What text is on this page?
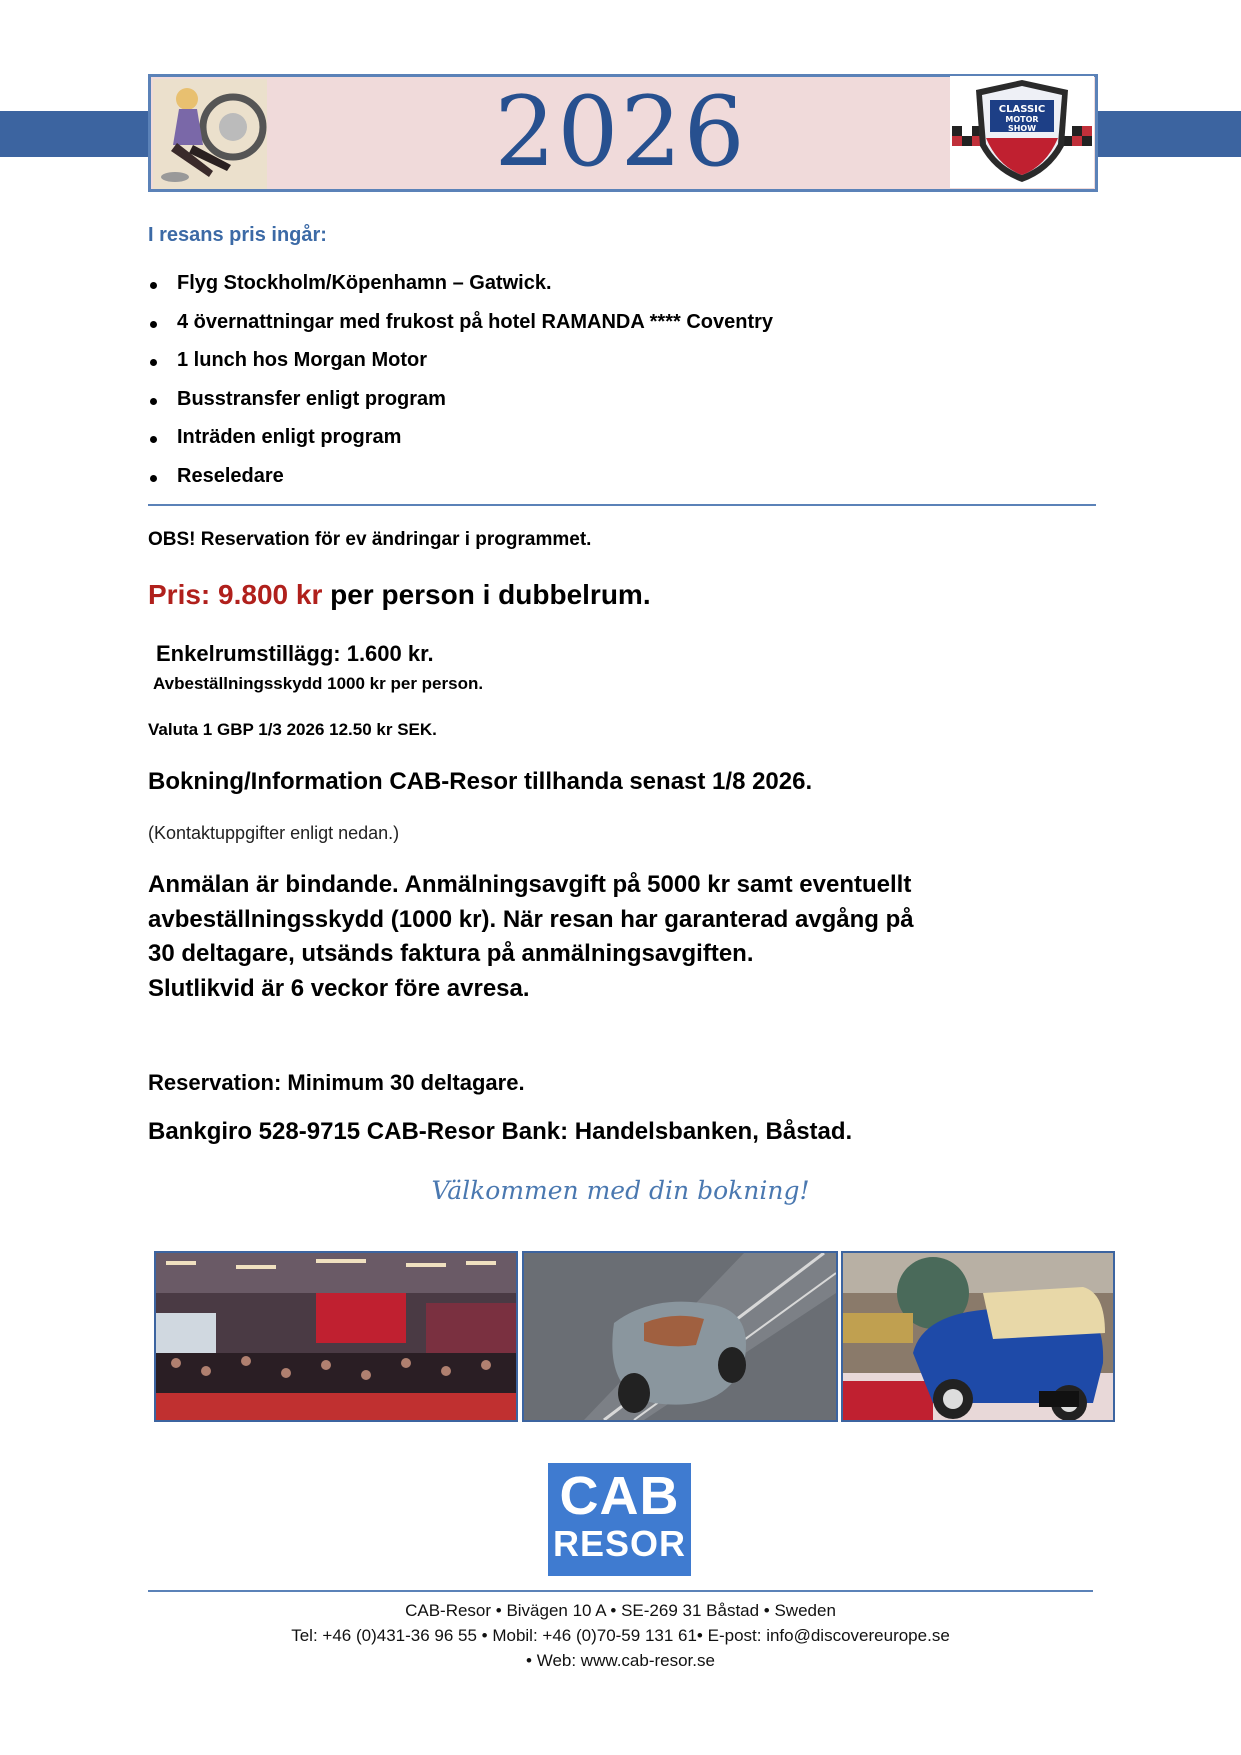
2026	CLASSIC
MOTOR
SHOW
I resans pris ingår:
Flyg Stockholm/Köpenhamn – Gatwick.
4 övernattningar med frukost på hotel RAMANDA **** Coventry
1 lunch hos Morgan Motor
Busstransfer enligt program
Inträden enligt program
Reseledare
OBS! Reservation för ev ändringar i programmet.
Pris: 9.800 kr per person i dubbelrum.
Enkelrumstillägg: 1.600 kr.
Avbeställningsskydd 1000 kr per person.
Valuta 1 GBP 1/3 2026 12.50 kr SEK.
Bokning/Information CAB-Resor tillhanda senast 1/8 2026.
(Kontaktuppgifter enligt nedan.)
Anmälan är bindande. Anmälningsavgift på 5000 kr samt eventuellt
avbeställningsskydd (1000 kr). När resan har garanterad avgång på
30 deltagare, utsänds faktura på anmälningsavgiften.
Slutlikvid är 6 veckor före avresa.
Reservation: Minimum 30 deltagare.
Bankgiro 528-9715 CAB-Resor Bank: Handelsbanken, Båstad.
Välkommen med din bokning!
CAB
RESOR
CAB-Resor • Bivägen 10 A • SE-269 31 Båstad • Sweden
Tel: +46 (0)431-36 96 55 • Mobil: +46 (0)70-59 131 61• E-post: info@discovereurope.se
• Web: www.cab-resor.se
